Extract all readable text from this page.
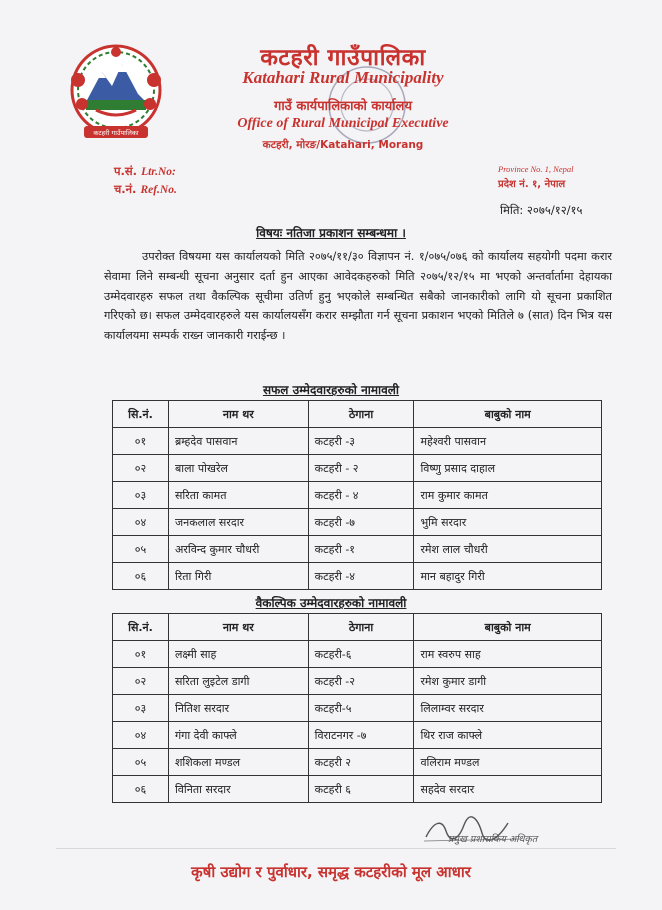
कटहरी गाउँपालिका
कटहरी गाउँपालिका
Katahari Rural Municipality
गाउँ कार्यपालिकाको कार्यालय
Office of Rural Municipal Executive
कटहरी, मोरङ/Katahari, Morang
प.सं. Ltr.No:
च.नं. Ref.No.
Province No. 1, Nepal
प्रदेश नं. १, नेपाल
मिति: २०७५/१२/१५
विषयः नतिजा प्रकाशन सम्बन्धमा ।
उपरोक्त विषयमा यस कार्यालयको मिति २०७५/११/३० विज्ञापन नं. १/०७५/०७६ को कार्यालय सहयोगी पदमा करार सेवामा लिने सम्बन्धी सूचना अनुसार दर्ता हुन आएका आवेदकहरुको मिति २०७५/१२/१५ मा भएको अन्तर्वार्तामा देहायका उम्मेदवारहरु सफल तथा वैकल्पिक सूचीमा उतिर्ण हुनु भएकोले सम्बन्धित सबैको जानकारीको लागि यो सूचना प्रकाशित गरिएको छ। सफल उम्मेदवारहरुले यस कार्यालयसँग करार सम्झौता गर्न सूचना प्रकाशन भएको मितिले ७ (सात) दिन भित्र यस कार्यालयमा सम्पर्क राख्न जानकारी गराईन्छ ।
सफल उम्मेदवारहरुको नामावली
सि.नं.	नाम थर	ठेगाना	बाबुको नाम
०१	ब्रम्हदेव पासवान	कटहरी -३	महेश्वरी पासवान
०२	बाला पोखरेल	कटहरी - २	विष्णु प्रसाद दाहाल
०३	सरिता कामत	कटहरी - ४	राम कुमार कामत
०४	जनकलाल सरदार	कटहरी -७	भुमि सरदार
०५	अरविन्द कुमार चौधरी	कटहरी -१	रमेश लाल चौधरी
०६	रिता गिरी	कटहरी -४	मान बहादुर गिरी
वैकल्पिक उम्मेदवारहरुको नामावली
सि.नं.	नाम थर	ठेगाना	बाबुको नाम
०१	लक्ष्मी साह	कटहरी-६	राम स्वरुप साह
०२	सरिता लुइटेल डागी	कटहरी -२	रमेश कुमार डागी
०३	नितिश सरदार	कटहरी-५	लिलाम्वर सरदार
०४	गंगा देवी काफ्ले	विराटनगर -७	थिर राज काफ्ले
०५	शशिकला मण्डल	कटहरी २	वलिराम मण्डल
०६	विनिता सरदार	कटहरी ६	सहदेव सरदार
प्रमुख प्रशासकिय अधिकृत
कृषी उद्योग र पुर्वाधार, समृद्ध कटहरीको मूल आधार
